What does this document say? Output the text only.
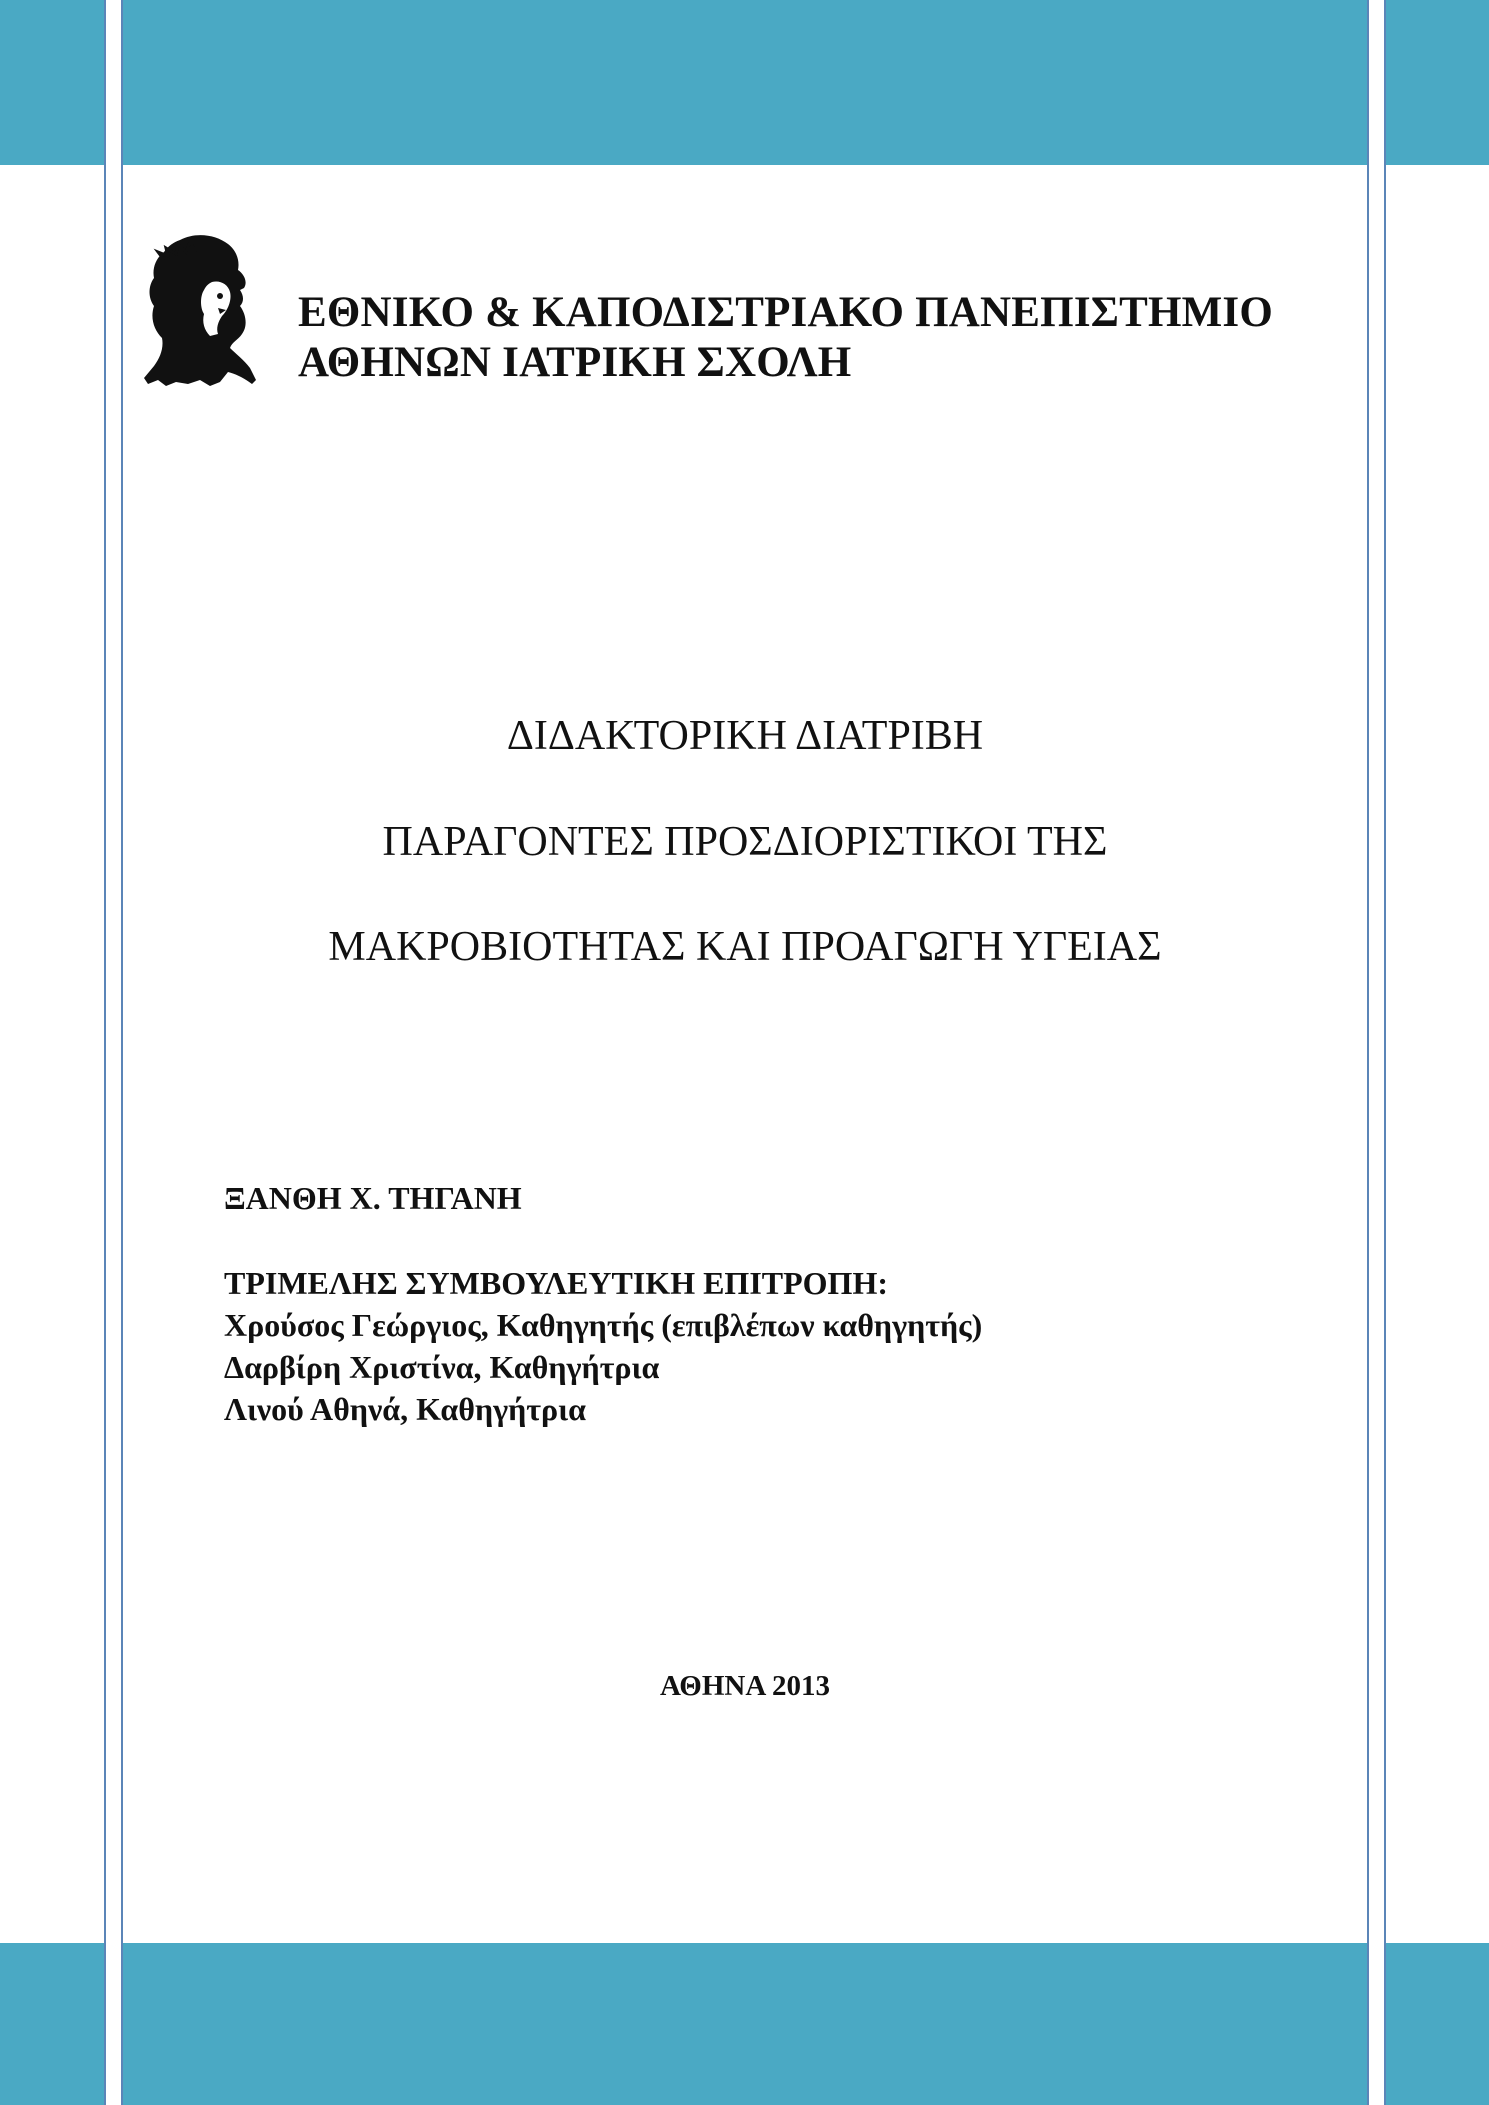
ΕΘΝΙΚΟ & ΚΑΠΟΔΙΣΤΡΙΑΚΟ ΠΑΝΕΠΙΣΤΗΜΙΟ
ΑΘΗΝΩΝ ΙΑΤΡΙΚΗ ΣΧΟΛΗ
ΔΙΔΑΚΤΟΡΙΚΗ ΔΙΑΤΡΙΒΗ
ΠΑΡΑΓΟΝΤΕΣ ΠΡΟΣΔΙΟΡΙΣΤΙΚΟΙ ΤΗΣ
ΜΑΚΡΟΒΙΟΤΗΤΑΣ ΚΑΙ ΠΡΟΑΓΩΓΗ ΥΓΕΙΑΣ
ΞΑΝΘΗ Χ. ΤΗΓΑΝΗ
ΤΡΙΜΕΛΗΣ ΣΥΜΒΟΥΛΕΥΤΙΚΗ ΕΠΙΤΡΟΠΗ:
Χρούσος Γεώργιος, Καθηγητής (επιβλέπων καθηγητής)
Δαρβίρη Χριστίνα, Καθηγήτρια
Λινού Αθηνά, Καθηγήτρια
ΑΘΗΝΑ 2013
